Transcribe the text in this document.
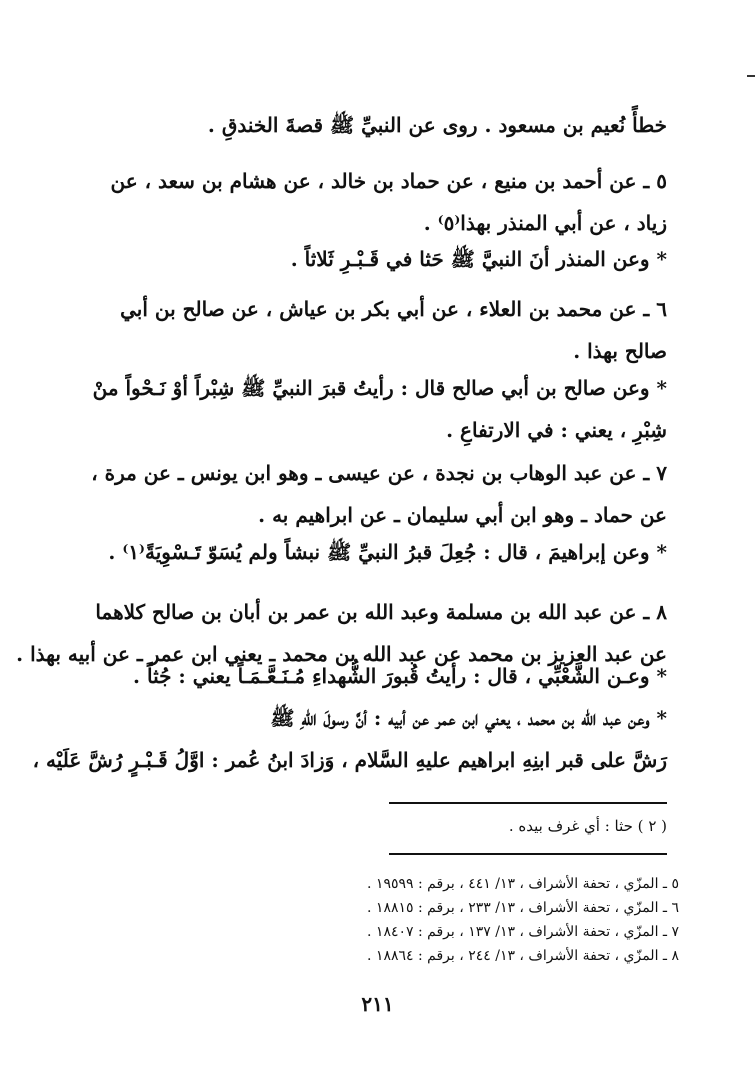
خطأً نُعيم بن مسعود . روى عن النبيِّ ﷺ قصةَ الخندقِ .
٥ ـ عن أحمد بن منيع ، عن حماد بن خالد ، عن هشام بن سعد ، عن
زياد ، عن أبي المنذر بهذا⁽٥⁾ .
* وعن المنذر أنَ النبيَّ ﷺ حَثا في قَـبْـرِ ثَلاثاً .
٦ ـ عن محمد بن العلاء ، عن أبي بكر بن عياش ، عن صالح بن أبي
صالح بهذا .
* وعن صالح بن أبي صالح قال : رأيتُ قبرَ النبيِّ ﷺ شِبْراً أوْ نَـحْواً منْ
شِبْرِ ، يعني : في الارتفاعِ .
٧ ـ عن عبد الوهاب بن نجدة ، عن عيسى ـ وهو ابن يونس ـ عن مرة ،
عن حماد ـ وهو ابن أبي سليمان ـ عن ابراهيم به .
* وعن إبراهيمَ ، قال : جُعِلَ قبرُ النبيِّ ﷺ نبشاً ولم يُسَوّ تَـسْوِيَةً⁽١⁾ .
٨ ـ عن عبد الله بن مسلمة وعبد الله بن عمر بن أبان بن صالح كلاهما
عن عبد العزيز بن محمد عن عبد الله بن محمد ـ يعني ابن عمر ـ عن أبيه بهذا .
* وعـن الشَّعْبِّي ، قال : رأيتُ قُبورَ الشُّهداءِ مُـنَـعَّـمَـاً يعني : جُثاً .
* وعن عبد الله بن محمد ، يعني ابن عمر عن أبيه : أنَّ رسولَ اللهِ ﷺ
رَشَّ على قبر ابنِهِ ابراهيم عليهِ السَّلام ، وَزادَ ابنُ عُمر : اوَّلُ قَـبْـرٍ رُشَّ عَلَيْه ،
( ٢ ) حثا : أي غرف بيده .
٥ ـ المزّي ، تحفة الأشراف ، ١٣/ ٤٤١ ، برقم : ١٩٥٩٩ .
٦ ـ المزّي ، تحفة الأشراف ، ١٣/ ٢٣٣ ، برقم : ١٨٨١٥ .
٧ ـ المزّي ، تحفة الأشراف ، ١٣/ ١٣٧ ، برقم : ١٨٤٠٧ .
٨ ـ المزّي ، تحفة الأشراف ، ١٣/ ٢٤٤ ، برقم : ١٨٨٦٤ .
٢١١
